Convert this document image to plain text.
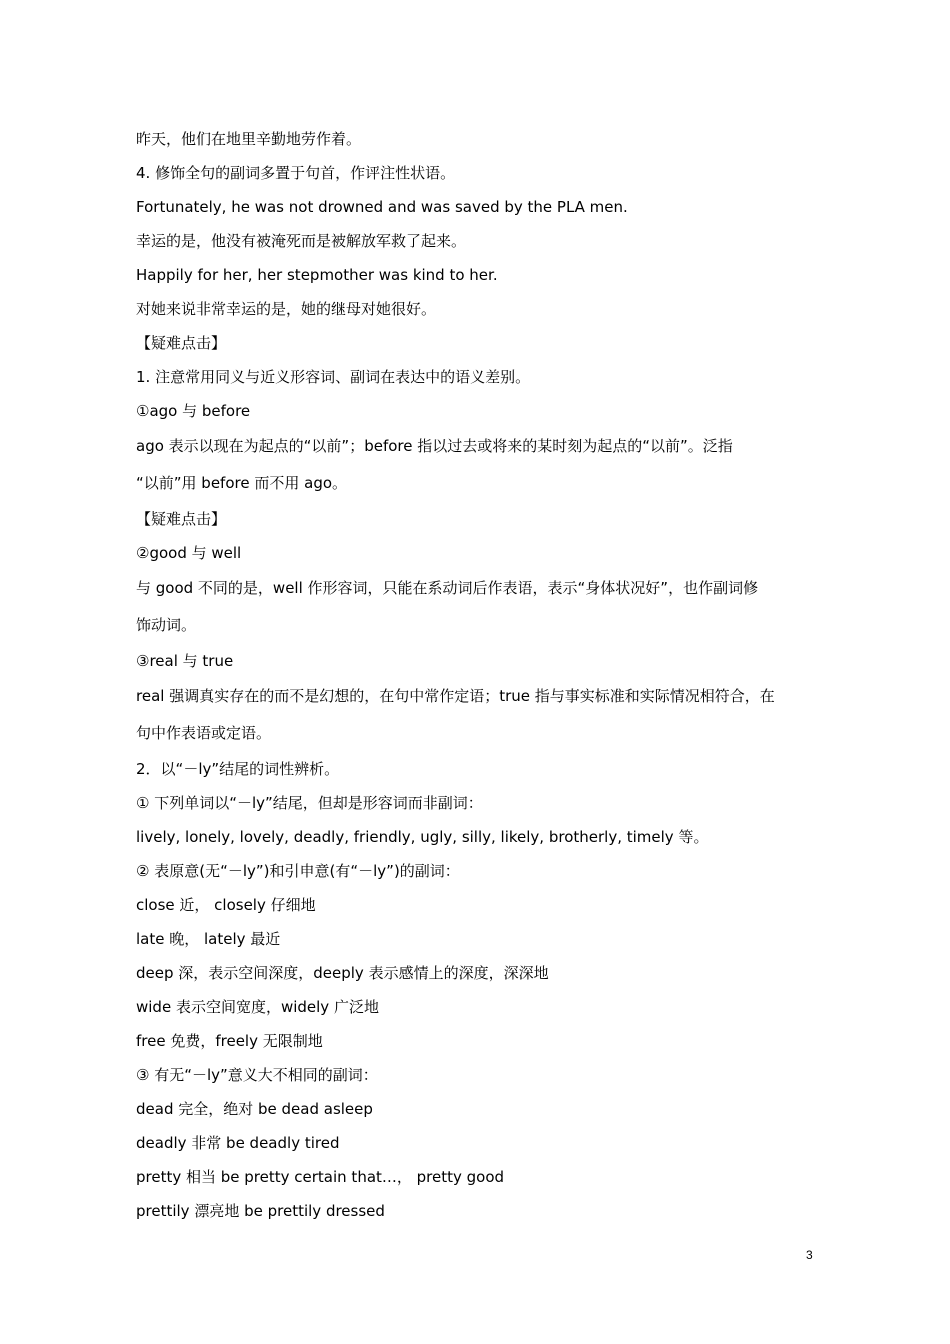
昨天，他们在地里辛勤地劳作着。
4. 修饰全句的副词多置于句首，作评注性状语。
Fortunately, he was not drowned and was saved by the PLA men.
幸运的是，他没有被淹死而是被解放军救了起来。
Happily for her, her stepmother was kind to her.
对她来说非常幸运的是，她的继母对她很好。
【疑难点击】
1. 注意常用同义与近义形容词、副词在表达中的语义差别。
①ago 与 before
ago 表示以现在为起点的“以前”；before 指以过去或将来的某时刻为起点的“以前”。泛指
“以前”用 before 而不用 ago。
【疑难点击】
②good 与 well
与 good 不同的是，well 作形容词，只能在系动词后作表语，表示“身体状况好”，也作副词修
饰动词。
③real 与 true
real 强调真实存在的而不是幻想的，在句中常作定语；true 指与事实标准和实际情况相符合，在
句中作表语或定语。
2．以“－ly”结尾的词性辨析。
① 下列单词以“－ly”结尾，但却是形容词而非副词：
lively, lonely, lovely, deadly, friendly, ugly, silly, likely, brotherly, timely 等。
② 表原意(无“－ly”)和引申意(有“－ly”)的副词：
close 近， closely 仔细地
late 晚， lately 最近
deep 深，表示空间深度，deeply 表示感情上的深度，深深地
wide 表示空间宽度，widely 广泛地
free 免费，freely 无限制地
③ 有无“－ly”意义大不相同的副词：
dead 完全，绝对 be dead asleep
deadly 非常 be deadly tired
pretty 相当 be pretty certain that…， pretty good
prettily 漂亮地 be prettily dressed
3
